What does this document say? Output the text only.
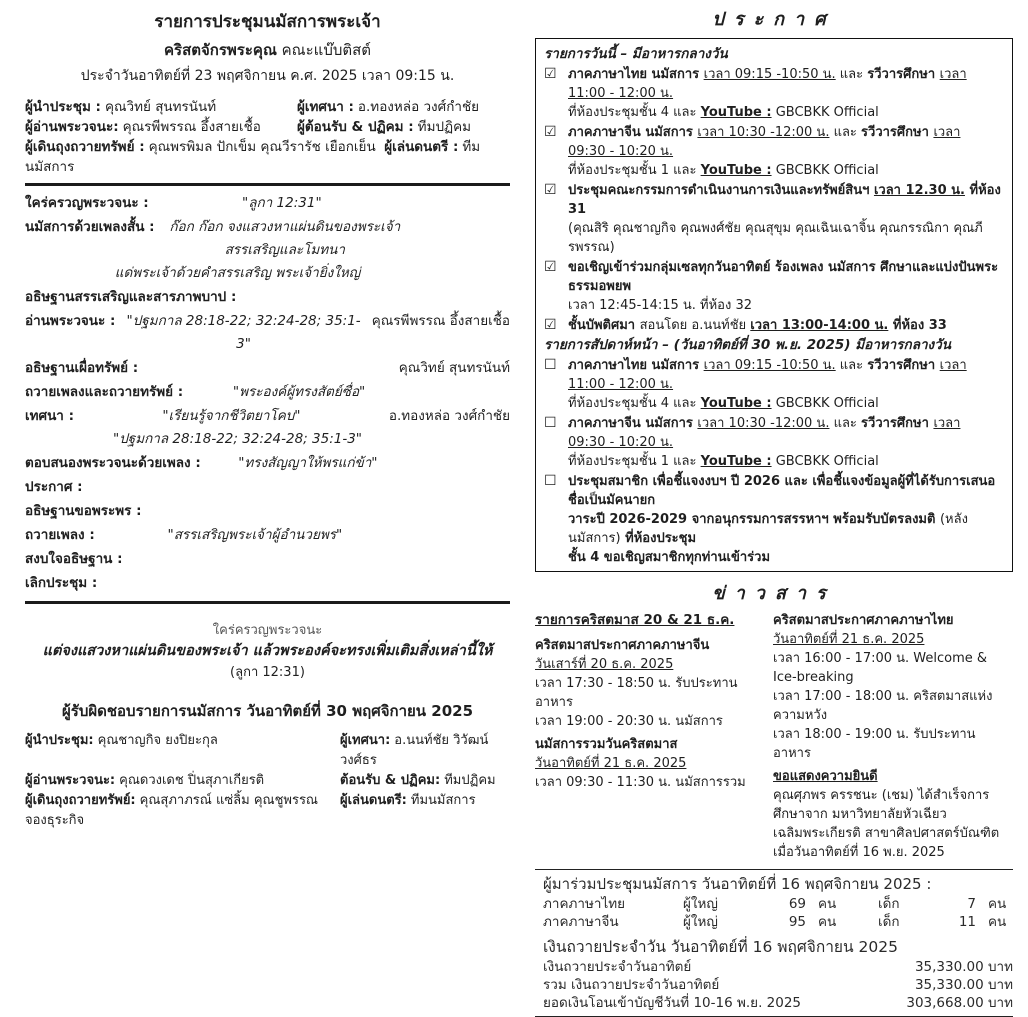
รายการประชุมนมัสการพระเจ้า
คริสตจักรพระคุณ คณะแบ๊บติสต์
ประจำวันอาทิตย์ที่ 23 พฤศจิกายน ค.ศ. 2025 เวลา 09:15 น.
ผู้นำประชุม : คุณวิทย์ สุนทรนันท์	ผู้เทศนา : อ.ทองหล่อ วงศ์กำชัย
ผู้อ่านพระวจนะ: คุณรพีพรรณ อึ้งสายเชื้อ	ผู้ต้อนรับ & ปฏิคม : ทีมปฏิคม
ผู้เดินถุงถวายทรัพย์ : คุณพรพิมล ปักเข็ม คุณวีรารัช เยือกเย็น ผู้เล่นดนตรี : ทีมนมัสการ
ใคร่ครวญพระวจนะ :	"ลูกา 12:31"
นมัสการด้วยเพลงสั้น :	ก๊อก ก๊อก จงแสวงหาแผ่นดินของพระเจ้า สรรเสริญและโมทนา
แด่พระเจ้าด้วยคำสรรเสริญ พระเจ้ายิ่งใหญ่
อธิษฐานสรรเสริญและสารภาพบาป :
อ่านพระวจนะ : "ปฐมกาล 28:18-22; 32:24-28; 35:1-3"
คุณรพีพรรณ อึ้งสายเชื้อ
อธิษฐานเผื่อทรัพย์ :	คุณวิทย์ สุนทรนันท์
ถวายเพลงและถวายทรัพย์ :	"พระองค์ผู้ทรงสัตย์ซื่อ"
เทศนา :	"เรียนรู้จากชีวิตยาโคบ"	อ.ทองหล่อ วงศ์กำชัย
"ปฐมกาล 28:18-22; 32:24-28; 35:1-3"
ตอบสนองพระวจนะด้วยเพลง :	"ทรงสัญญาให้พรแก่ข้า"
ประกาศ :
อธิษฐานขอพระพร :
ถวายเพลง :	"สรรเสริญพระเจ้าผู้อำนวยพร"
สงบใจอธิษฐาน :
เลิกประชุม :
ใคร่ครวญพระวจนะ
แต่จงแสวงหาแผ่นดินของพระเจ้า แล้วพระองค์จะทรงเพิ่มเติมสิ่งเหล่านี้ให้
(ลูกา 12:31)
ผู้รับผิดชอบรายการนมัสการ วันอาทิตย์ที่ 30 พฤศจิกายน 2025
ผู้นำประชุม: คุณชาญกิจ ยงปิยะกุล	ผู้เทศนา: อ.นนท์ชัย วิวัฒน์วงศ์ธร
ผู้อ่านพระวจนะ: คุณดวงเดช ปิ่นสุภาเกียรติ	ต้อนรับ & ปฏิคม: ทีมปฏิคม
ผู้เดินถุงถวายทรัพย์: คุณสุภาภรณ์ แซ่ลิ้ม คุณชูพรรณ จองธุระกิจ
ผู้เล่นดนตรี: ทีมนมัสการ
ประกาศ
รายการวันนี้ – มีอาหารกลางวัน
☑ ภาคภาษาไทย นมัสการ เวลา 09:15 -10:50 น. และ รวีวารศึกษา เวลา 11:00 - 12:00 น.
ที่ห้องประชุมชั้น 4 และ YouTube : GBCBKK Official
☑ ภาคภาษาจีน นมัสการ เวลา 10:30 -12:00 น. และ รวีวารศึกษา เวลา 09:30 - 10:20 น.
ที่ห้องประชุมชั้น 1 และ YouTube : GBCBKK Official
☑ ประชุมคณะกรรมการดำเนินงานการเงินและทรัพย์สินฯ เวลา 12.30 น. ที่ห้อง 31
(คุณสิริ คุณชาญกิจ คุณพงศ์ชัย คุณสุขุม คุณเฉินเฉาจิ้น คุณกรรณิกา คุณภีรพรรณ)
☑ ขอเชิญเข้าร่วมกลุ่มเซลทุกวันอาทิตย์ ร้องเพลง นมัสการ ศึกษาและแบ่งปันพระธรรมอพยพ
เวลา 12:45-14:15 น. ที่ห้อง 32
☑ ชั้นบัพติศมา สอนโดย อ.นนท์ชัย เวลา 13:00-14:00 น. ที่ห้อง 33
รายการสัปดาห์หน้า – (วันอาทิตย์ที่ 30 พ.ย. 2025) มีอาหารกลางวัน
☐ ภาคภาษาไทย นมัสการ เวลา 09:15 -10:50 น. และ รวีวารศึกษา เวลา 11:00 - 12:00 น.
ที่ห้องประชุมชั้น 4 และ YouTube : GBCBKK Official
☐ ภาคภาษาจีน นมัสการ เวลา 10:30 -12:00 น. และ รวีวารศึกษา เวลา 09:30 - 10:20 น.
ที่ห้องประชุมชั้น 1 และ YouTube : GBCBKK Official
☐ ประชุมสมาชิก เพื่อชี้แจงงบฯ ปี 2026 และ เพื่อชี้แจงข้อมูลผู้ที่ได้รับการเสนอชื่อเป็นมัคนายก
วาระปี 2026-2029 จากอนุกรรมการสรรหาฯ พร้อมรับบัตรลงมติ (หลังนมัสการ) ที่ห้องประชุม
ชั้น 4 ขอเชิญสมาชิกทุกท่านเข้าร่วม
ข่าวสาร
รายการคริสตมาส 20 & 21 ธ.ค.
คริสตมาสประกาศภาคภาษาจีน
วันเสาร์ที่ 20 ธ.ค. 2025
เวลา 17:30 - 18:50 น. รับประทานอาหาร
เวลา 19:00 - 20:30 น. นมัสการ
นมัสการรวมวันคริสตมาส
วันอาทิตย์ที่ 21 ธ.ค. 2025
เวลา 09:30 - 11:30 น. นมัสการรวม
คริสตมาสประกาศภาคภาษาไทย
วันอาทิตย์ที่ 21 ธ.ค. 2025
เวลา 16:00 - 17:00 น. Welcome & Ice-breaking
เวลา 17:00 - 18:00 น. คริสตมาสแห่งความหวัง
เวลา 18:00 - 19:00 น. รับประทานอาหาร
ขอแสดงความยินดี
คุณศุภพร ครรชนะ (เชม) ได้สำเร็จการศึกษาจาก มหาวิทยาลัยหัวเฉียวเฉลิมพระเกียรติ สาขาศิลปศาสตร์บัณฑิต เมื่อวันอาทิตย์ที่ 16 พ.ย. 2025
ผู้มาร่วมประชุมนมัสการ วันอาทิตย์ที่ 16 พฤศจิกายน 2025 :
ภาคภาษาไทย	ผู้ใหญ่	69 คน	เด็ก	7 คน
ภาคภาษาจีน	ผู้ใหญ่	95 คน	เด็ก	11 คน
เงินถวายประจำวัน วันอาทิตย์ที่ 16 พฤศจิกายน 2025
เงินถวายประจำวันอาทิตย์	35,330.00 บาท
รวม เงินถวายประจำวันอาทิตย์	35,330.00 บาท
ยอดเงินโอนเข้าบัญชีวันที่ 10-16 พ.ย. 2025	303,668.00 บาท
